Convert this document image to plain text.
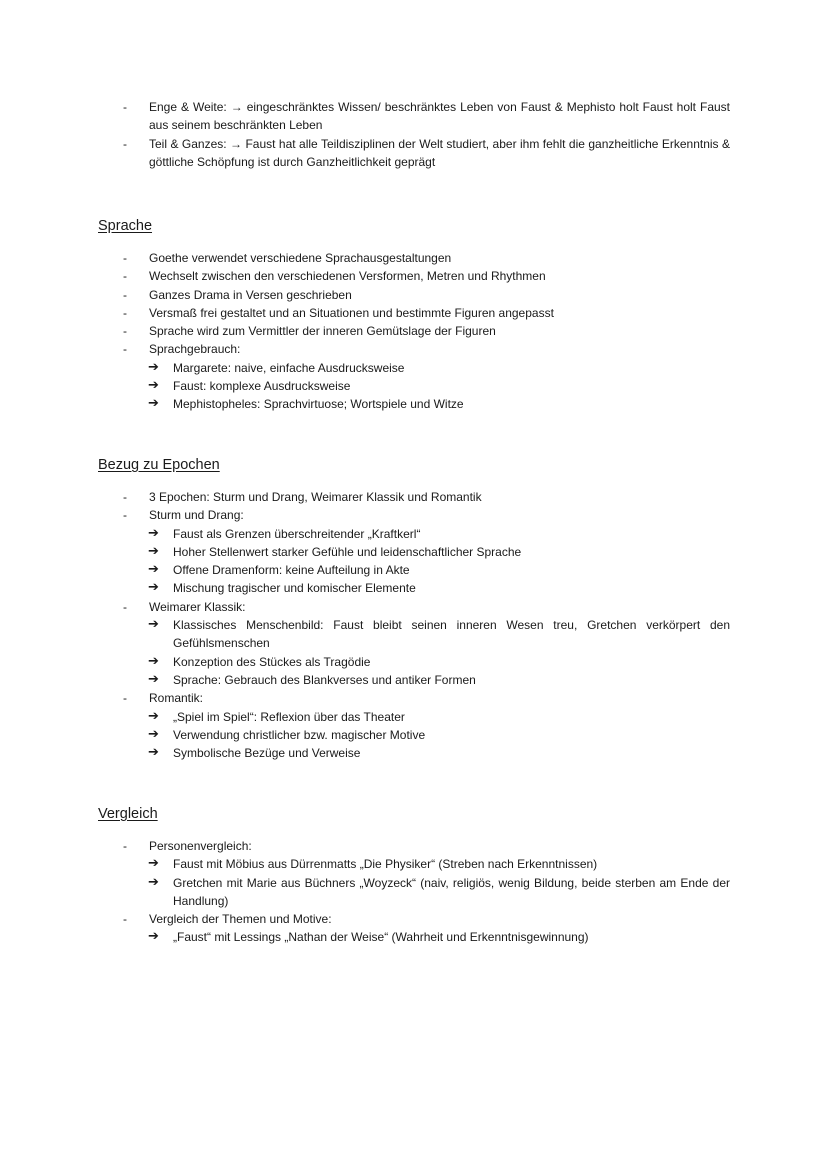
-	Enge & Weite: → eingeschränktes Wissen/ beschränktes Leben von Faust & Mephisto holt Faust holt Faust aus seinem beschränkten Leben
-	Teil & Ganzes: → Faust hat alle Teildisziplinen der Welt studiert, aber ihm fehlt die ganzheitliche Erkenntnis & göttliche Schöpfung ist durch Ganzheitlichkeit geprägt
Sprache
-	Goethe verwendet verschiedene Sprachausgestaltungen
-	Wechselt zwischen den verschiedenen Versformen, Metren und Rhythmen
-	Ganzes Drama in Versen geschrieben
-	Versmaß frei gestaltet und an Situationen und bestimmte Figuren angepasst
-	Sprache wird zum Vermittler der inneren Gemütslage der Figuren
-	Sprachgebrauch:
➔ Margarete: naive, einfache Ausdrucksweise
➔ Faust: komplexe Ausdrucksweise
➔ Mephistopheles: Sprachvirtuose; Wortspiele und Witze
Bezug zu Epochen
-	3 Epochen: Sturm und Drang, Weimarer Klassik und Romantik
-	Sturm und Drang:
➔ Faust als Grenzen überschreitender „Kraftkerl“
➔ Hoher Stellenwert starker Gefühle und leidenschaftlicher Sprache
➔ Offene Dramenform: keine Aufteilung in Akte
➔ Mischung tragischer und komischer Elemente
-	Weimarer Klassik:
➔ Klassisches Menschenbild: Faust bleibt seinen inneren Wesen treu, Gretchen verkörpert den Gefühlsmenschen
➔ Konzeption des Stückes als Tragödie
➔ Sprache: Gebrauch des Blankverses und antiker Formen
-	Romantik:
➔ „Spiel im Spiel“: Reflexion über das Theater
➔ Verwendung christlicher bzw. magischer Motive
➔ Symbolische Bezüge und Verweise
Vergleich
-	Personenvergleich:
➔ Faust mit Möbius aus Dürrenmatts „Die Physiker“ (Streben nach Erkenntnissen)
➔ Gretchen mit Marie aus Büchners „Woyzeck“ (naiv, religiös, wenig Bildung, beide sterben am Ende der Handlung)
-	Vergleich der Themen und Motive:
➔ „Faust“ mit Lessings „Nathan der Weise“ (Wahrheit und Erkenntnisgewinnung)
